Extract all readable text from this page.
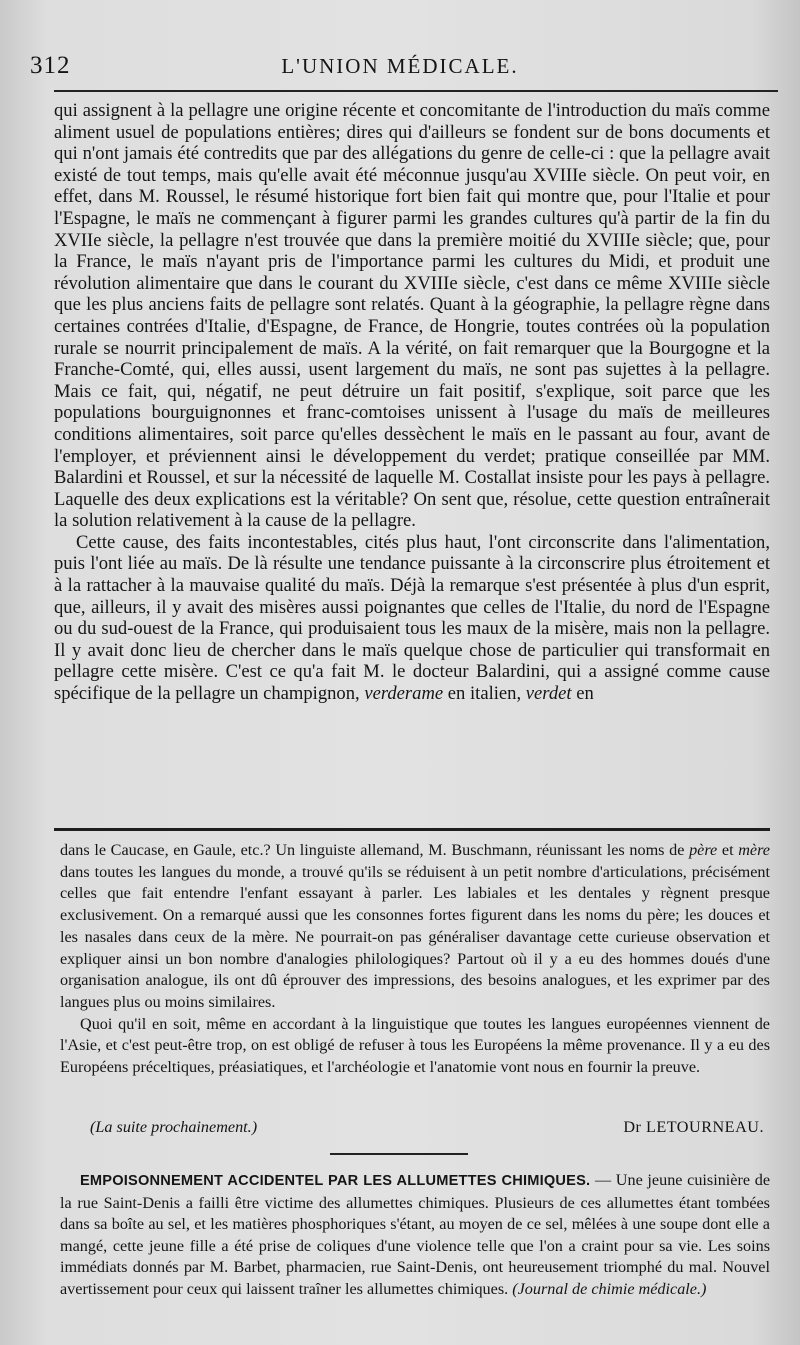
312	L'UNION MÉDICALE.

qui assignent à la pellagre une origine récente et concomitante de l'introduction du maïs comme aliment usuel de populations entières; dires qui d'ailleurs se fondent sur de bons documents et qui n'ont jamais été contredits que par des allégations du genre de celle-ci : que la pellagre avait existé de tout temps, mais qu'elle avait été méconnue jusqu'au XVIIIe siècle. On peut voir, en effet, dans M. Roussel, le résumé historique fort bien fait qui montre que, pour l'Italie et pour l'Espagne, le maïs ne commençant à figurer parmi les grandes cultures qu'à partir de la fin du XVIIe siècle, la pellagre n'est trouvée que dans la première moitié du XVIIIe siècle; que, pour la France, le maïs n'ayant pris de l'importance parmi les cultures du Midi, et produit une révolution alimentaire que dans le courant du XVIIIe siècle, c'est dans ce même XVIIIe siècle que les plus anciens faits de pellagre sont relatés. Quant à la géographie, la pellagre règne dans certaines contrées d'Italie, d'Espagne, de France, de Hongrie, toutes contrées où la population rurale se nourrit principalement de maïs. A la vérité, on fait remarquer que la Bourgogne et la Franche-Comté, qui, elles aussi, usent largement du maïs, ne sont pas sujettes à la pellagre. Mais ce fait, qui, négatif, ne peut détruire un fait positif, s'explique, soit parce que les populations bourguignonnes et franc-comtoises unissent à l'usage du maïs de meilleures conditions alimentaires, soit parce qu'elles dessèchent le maïs en le passant au four, avant de l'employer, et préviennent ainsi le développement du verdet; pratique conseillée par MM. Balardini et Roussel, et sur la nécessité de laquelle M. Costallat insiste pour les pays à pellagre. Laquelle des deux explications est la véritable? On sent que, résolue, cette question entraînerait la solution relativement à la cause de la pellagre.

Cette cause, des faits incontestables, cités plus haut, l'ont circonscrite dans l'alimentation, puis l'ont liée au maïs. De là résulte une tendance puissante à la circonscrire plus étroitement et à la rattacher à la mauvaise qualité du maïs. Déjà la remarque s'est présentée à plus d'un esprit, que, ailleurs, il y avait des misères aussi poignantes que celles de l'Italie, du nord de l'Espagne ou du sud-ouest de la France, qui produisaient tous les maux de la misère, mais non la pellagre. Il y avait donc lieu de chercher dans le maïs quelque chose de particulier qui transformait en pellagre cette misère. C'est ce qu'a fait M. le docteur Balardini, qui a assigné comme cause spécifique de la pellagre un champignon, verderame en italien, verdet en

dans le Caucase, en Gaule, etc.? Un linguiste allemand, M. Buschmann, réunissant les noms de père et mère dans toutes les langues du monde, a trouvé qu'ils se réduisent à un petit nombre d'articulations, précisément celles que fait entendre l'enfant essayant à parler. Les labiales et les dentales y règnent presque exclusivement. On a remarqué aussi que les consonnes fortes figurent dans les noms du père; les douces et les nasales dans ceux de la mère. Ne pourrait-on pas généraliser davantage cette curieuse observation et expliquer ainsi un bon nombre d'analogies philologiques? Partout où il y a eu des hommes doués d'une organisation analogue, ils ont dû éprouver des impressions, des besoins analogues, et les exprimer par des langues plus ou moins similaires.

Quoi qu'il en soit, même en accordant à la linguistique que toutes les langues européennes viennent de l'Asie, et c'est peut-être trop, on est obligé de refuser à tous les Européens la même provenance. Il y a eu des Européens préceltiques, préasiatiques, et l'archéologie et l'anatomie vont nous en fournir la preuve.

(La suite prochainement.)	Dr LETOURNEAU.
EMPOISONNEMENT ACCIDENTEL PAR LES ALLUMETTES CHIMIQUES. — Une jeune cuisinière de la rue Saint-Denis a failli être victime des allumettes chimiques. Plusieurs de ces allumettes étant tombées dans sa boîte au sel, et les matières phosphoriques s'étant, au moyen de ce sel, mêlées à une soupe dont elle a mangé, cette jeune fille a été prise de coliques d'une violence telle que l'on a craint pour sa vie. Les soins immédiats donnés par M. Barbet, pharmacien, rue Saint-Denis, ont heureusement triomphé du mal. Nouvel avertissement pour ceux qui laissent traîner les allumettes chimiques. (Journal de chimie médicale.)
